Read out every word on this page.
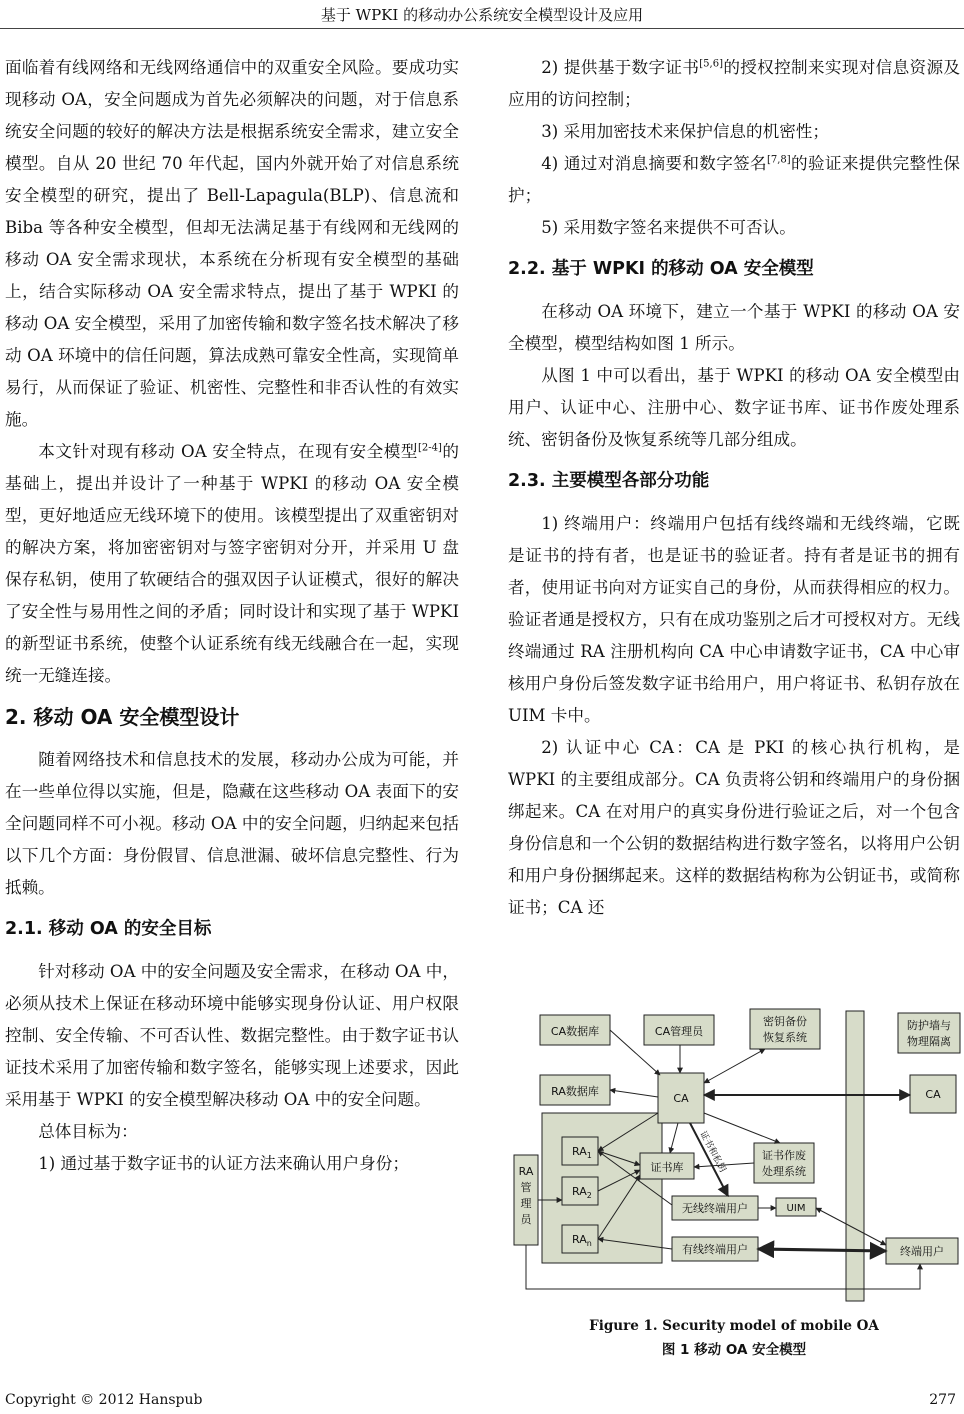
基于 WPKI 的移动办公系统安全模型设计及应用

面临着有线网络和无线网络通信中的双重安全风险。要成功实现移动 OA，安全问题成为首先必须解决的问题，对于信息系统安全问题的较好的解决方法是根据系统安全需求，建立安全模型。自从 20 世纪 70 年代起，国内外就开始了对信息系统安全模型的研究，提出了 Bell-Lapagula(BLP)、信息流和 Biba 等各种安全模型，但却无法满足基于有线网和无线网的移动 OA 安全需求现状，本系统在分析现有安全模型的基础上，结合实际移动 OA 安全需求特点，提出了基于 WPKI 的移动 OA 安全模型，采用了加密传输和数字签名技术解决了移动 OA 环境中的信任问题，算法成熟可靠安全性高，实现简单易行，从而保证了验证、机密性、完整性和非否认性的有效实施。

本文针对现有移动 OA 安全特点，在现有安全模型[2-4]的基础上，提出并设计了一种基于 WPKI 的移动 OA 安全模型，更好地适应无线环境下的使用。该模型提出了双重密钥对的解决方案，将加密密钥对与签字密钥对分开，并采用 U 盘保存私钥，使用了软硬结合的强双因子认证模式，很好的解决了安全性与易用性之间的矛盾；同时设计和实现了基于 WPKI 的新型证书系统，使整个认证系统有线无线融合在一起，实现统一无缝连接。

2. 移动 OA 安全模型设计

随着网络技术和信息技术的发展，移动办公成为可能，并在一些单位得以实施，但是，隐藏在这些移动 OA 表面下的安全问题同样不可小视。移动 OA 中的安全问题，归纳起来包括以下几个方面：身份假冒、信息泄漏、破坏信息完整性、行为抵赖。

2.1. 移动 OA 的安全目标

针对移动 OA 中的安全问题及安全需求，在移动 OA 中，必须从技术上保证在移动环境中能够实现身份认证、用户权限控制、安全传输、不可否认性、数据完整性。由于数字证书认证技术采用了加密传输和数字签名，能够实现上述要求，因此采用基于 WPKI 的安全模型解决移动 OA 中的安全问题。

总体目标为：

1) 通过基于数字证书的认证方法来确认用户身份；

2) 提供基于数字证书[5,6]的授权控制来实现对信息资源及应用的访问控制；

3) 采用加密技术来保护信息的机密性；

4) 通过对消息摘要和数字签名[7,8]的验证来提供完整性保护；

5) 采用数字签名来提供不可否认。

2.2. 基于 WPKI 的移动 OA 安全模型

在移动 OA 环境下，建立一个基于 WPKI 的移动 OA 安全模型，模型结构如图 1 所示。

从图 1 中可以看出，基于 WPKI 的移动 OA 安全模型由用户、认证中心、注册中心、数字证书库、证书作废处理系统、密钥备份及恢复系统等几部分组成。

2.3. 主要模型各部分功能

1) 终端用户：终端用户包括有线终端和无线终端，它既是证书的持有者，也是证书的验证者。持有者是证书的拥有者，使用证书向对方证实自己的身份，从而获得相应的权力。验证者通是授权方，只有在成功鉴别之后才可授权对方。无线终端通过 RA 注册机构向 CA 中心申请数字证书，CA 中心审核用户身份后签发数字证书给用户，用户将证书、私钥存放在 UIM 卡中。

2) 认证中心 CA：CA 是 PKI 的核心执行机构，是 WPKI 的主要组成部分。CA 负责将公钥和终端用户的身份捆绑起来。CA 在对用户的真实身份进行验证之后，对一个包含身份信息和一个公钥的数据结构进行数字签名，以将用户公钥和用户身份捆绑起来。这样的数据结构称为公钥证书，或简称证书；CA 还

CA数据库	CA管理员
密钥备份
恢复系统
防护墙与
物理隔离
RA数据库
CA	CA
RA
管
理
员
$RA_1$
$RA_2$
$RA_n$
证书库
证书作废
处理系统
无线终端用户	UIM
有线终端用户	终端用户
证书和私钥
Figure 1. Security model of mobile OA
图 1 移动 OA 安全模型
Copyright © 2012 Hanspub	277
